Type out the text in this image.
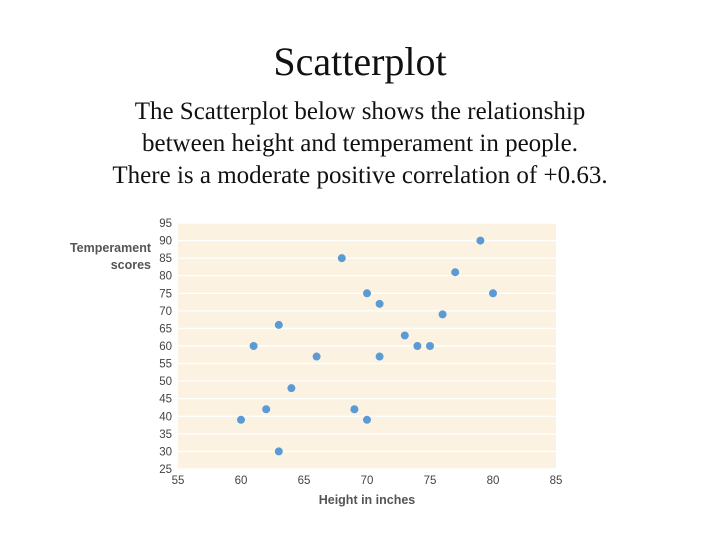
Scatterplot
The Scatterplot below shows the relationship
between height and temperament in people.
There is a moderate positive correlation of +0.63.
25
30
35
40
45
50
55
60
65
70
75
80
85
90
95
55	60	65	70	75	80	85
Temperament
scores
Height in inches
